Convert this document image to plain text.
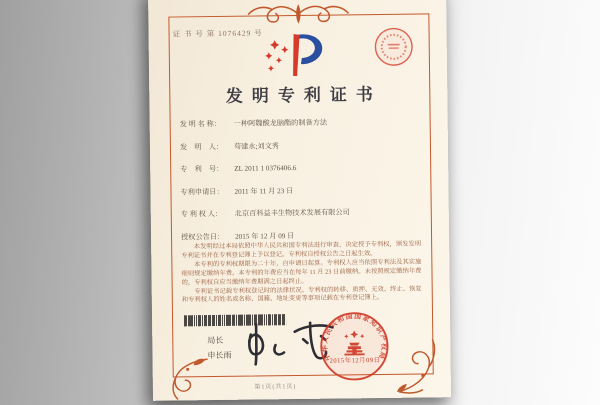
证 书 号 第 1076429 号
发明专利证书
发 明 名 称： 一种阿魏酸龙脑酯的制备方法
发　明　人： 苟建永;刘文秀
专　利　号： ZL 2011 1 0376406.6
专利申请日： 2011 年 11 月 23 日
专 利 权 人： 北京百科益丰生物技术发展有限公司
授权公告日： 2015 年 12 月 09 日

本发明经过本局依照中华人民共和国专利法进行审查，决定授予专利权，颁发发明专利证书并在专利登记簿上予以登记。专利权自授权公告之日起生效。

本专利的专利权期限为二十年，自申请日起算。专利权人应当依照专利法及其实施细则规定缴纳年费。本专利的年费应当在每年 11 月 23 日前缴纳。未按照规定缴纳年费的，专利权自应当缴纳年费期满之日起终止。

专利证书记载专利权登记时的法律状况。专利权的转移、质押、无效、终止、恢复和专利权人的姓名或名称、国籍、地址变更等事项记载在专利登记簿上。

局长
申长雨	中华人民共和国国家知识产权局
2015年12月09日
第1页(共1页)
